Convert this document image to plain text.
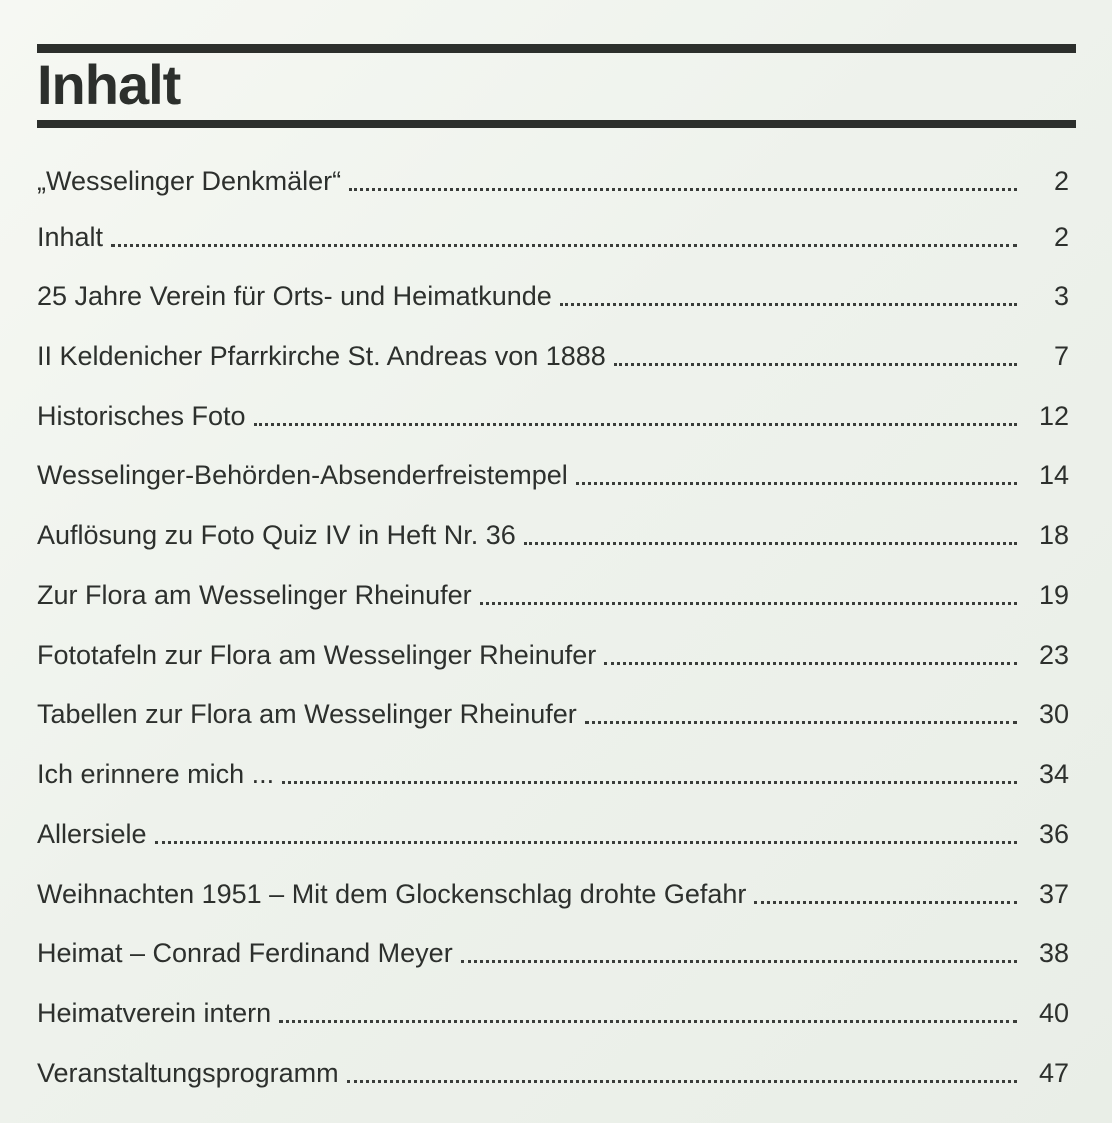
Inhalt
„Wesselinger Denkmäler“	2
Inhalt	2
25 Jahre Verein für Orts- und Heimatkunde	3
II Keldenicher Pfarrkirche St. Andreas von 1888	7
Historisches Foto	12
Wesselinger-Behörden-Absenderfreistempel	14
Auflösung zu Foto Quiz IV in Heft Nr. 36	18
Zur Flora am Wesselinger Rheinufer	19
Fototafeln zur Flora am Wesselinger Rheinufer	23
Tabellen zur Flora am Wesselinger Rheinufer	30
Ich erinnere mich ...	34
Allersiele	36
Weihnachten 1951 – Mit dem Glockenschlag drohte Gefahr	37
Heimat – Conrad Ferdinand Meyer	38
Heimatverein intern	40
Veranstaltungsprogramm	47
